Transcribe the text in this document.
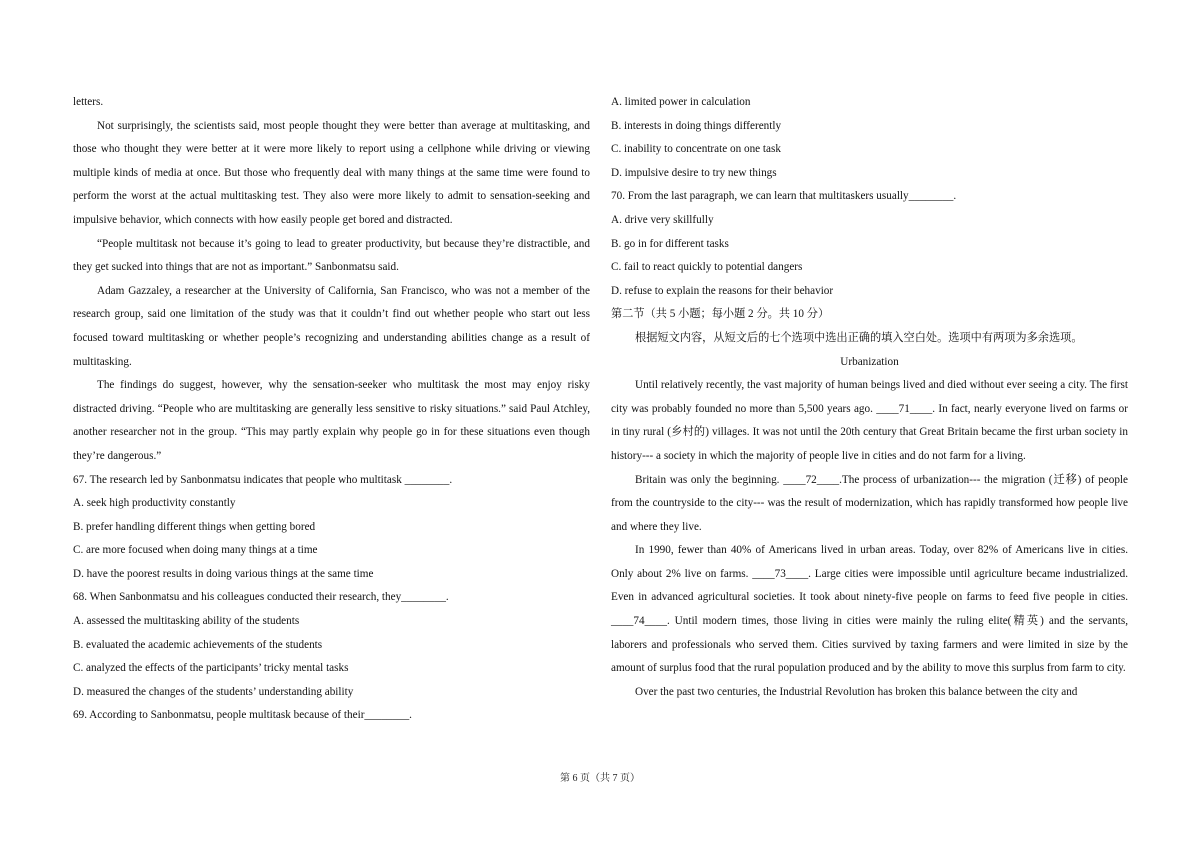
letters.

Not surprisingly, the scientists said, most people thought they were better than average at multitasking, and those who thought they were better at it were more likely to report using a cellphone while driving or viewing multiple kinds of media at once. But those who frequently deal with many things at the same time were found to perform the worst at the actual multitasking test. They also were more likely to admit to sensation-seeking and impulsive behavior, which connects with how easily people get bored and distracted.

“People multitask not because it’s going to lead to greater productivity, but because they’re distractible, and they get sucked into things that are not as important.” Sanbonmatsu said.

Adam Gazzaley, a researcher at the University of California, San Francisco, who was not a member of the research group, said one limitation of the study was that it couldn’t find out whether people who start out less focused toward multitasking or whether people’s recognizing and understanding abilities change as a result of multitasking.

The findings do suggest, however, why the sensation-seeker who multitask the most may enjoy risky distracted driving. “People who are multitasking are generally less sensitive to risky situations.” said Paul Atchley, another researcher not in the group. “This may partly explain why people go in for these situations even though they’re dangerous.”

67. The research led by Sanbonmatsu indicates that people who multitask ________.

A. seek high productivity constantly

B. prefer handling different things when getting bored

C. are more focused when doing many things at a time

D. have the poorest results in doing various things at the same time

68. When Sanbonmatsu and his colleagues conducted their research, they________.

A. assessed the multitasking ability of the students

B. evaluated the academic achievements of the students

C. analyzed the effects of the participants’ tricky mental tasks

D. measured the changes of the students’ understanding ability

69. According to Sanbonmatsu, people multitask because of their________.

A. limited power in calculation

B. interests in doing things differently

C. inability to concentrate on one task

D. impulsive desire to try new things

70. From the last paragraph, we can learn that multitaskers usually________.

A. drive very skillfully

B. go in for different tasks

C. fail to react quickly to potential dangers

D. refuse to explain the reasons for their behavior

第二节（共 5 小题；每小题 2 分。共 10 分）

根据短文内容，从短文后的七个选项中选出正确的填入空白处。选项中有两项为多余选项。

Urbanization

Until relatively recently, the vast majority of human beings lived and died without ever seeing a city. The first city was probably founded no more than 5,500 years ago. ____71____. In fact, nearly everyone lived on farms or in tiny rural (乡村的) villages. It was not until the 20th century that Great Britain became the first urban society in history--- a society in which the majority of people live in cities and do not farm for a living.

Britain was only the beginning. ____72____.The process of urbanization--- the migration (迁移) of people from the countryside to the city--- was the result of modernization, which has rapidly transformed how people live and where they live.

In 1990, fewer than 40% of Americans lived in urban areas. Today, over 82% of Americans live in cities. Only about 2% live on farms. ____73____. Large cities were impossible until agriculture became industrialized. Even in advanced agricultural societies. It took about ninety-five people on farms to feed five people in cities. ____74____. Until modern times, those living in cities were mainly the ruling elite(精英) and the servants, laborers and professionals who served them. Cities survived by taxing farmers and were limited in size by the amount of surplus food that the rural population produced and by the ability to move this surplus from farm to city.

Over the past two centuries, the Industrial Revolution has broken this balance between the city and

第 6 页（共 7 页）
